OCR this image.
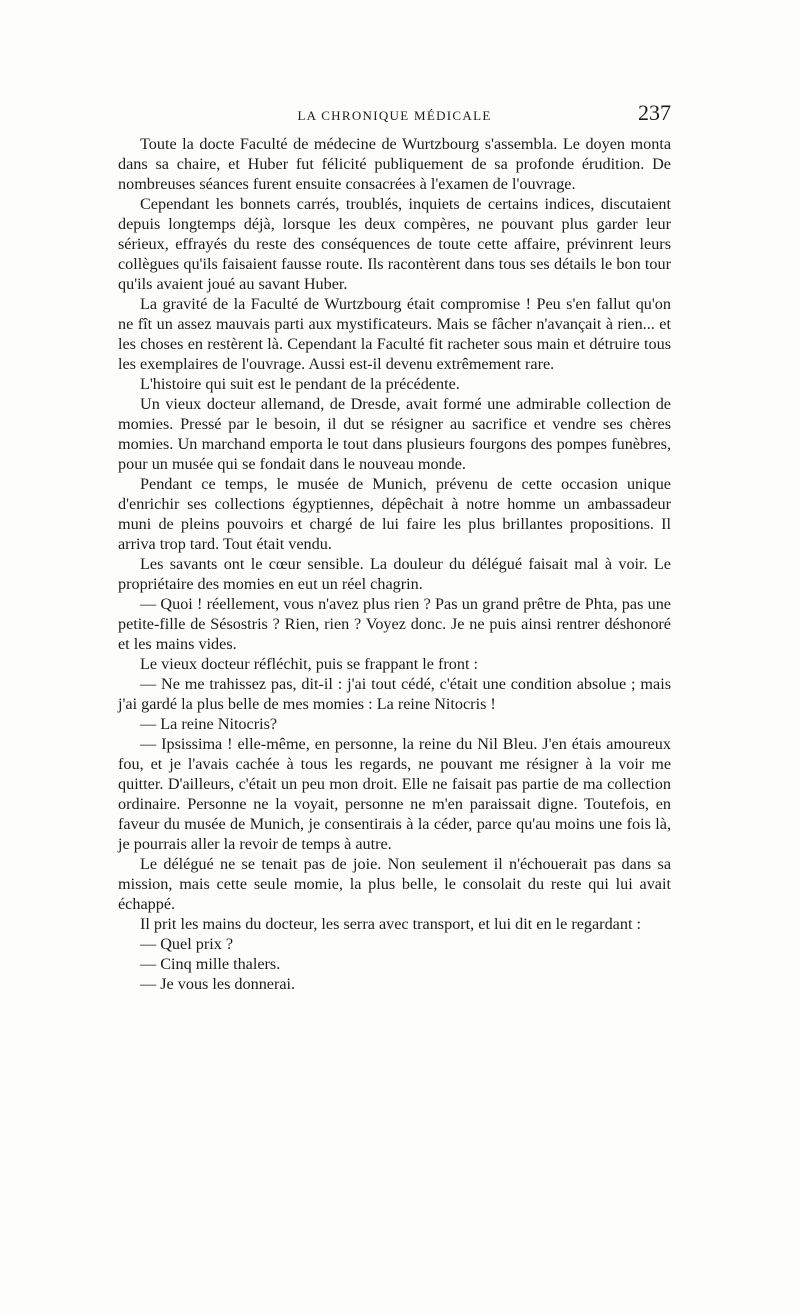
LA CHRONIQUE MÉDICALE	237

Toute la docte Faculté de médecine de Wurtzbourg s'assembla. Le doyen monta dans sa chaire, et Huber fut félicité publiquement de sa profonde érudition. De nombreuses séances furent ensuite consacrées à l'examen de l'ouvrage.

Cependant les bonnets carrés, troublés, inquiets de certains indices, discutaient depuis longtemps déjà, lorsque les deux compères, ne pouvant plus garder leur sérieux, effrayés du reste des conséquences de toute cette affaire, prévinrent leurs collègues qu'ils faisaient fausse route. Ils racontèrent dans tous ses détails le bon tour qu'ils avaient joué au savant Huber.

La gravité de la Faculté de Wurtzbourg était compromise ! Peu s'en fallut qu'on ne fît un assez mauvais parti aux mystificateurs. Mais se fâcher n'avançait à rien... et les choses en restèrent là. Cependant la Faculté fit racheter sous main et détruire tous les exemplaires de l'ouvrage. Aussi est-il devenu extrêmement rare.

L'histoire qui suit est le pendant de la précédente.

Un vieux docteur allemand, de Dresde, avait formé une admirable collection de momies. Pressé par le besoin, il dut se résigner au sacrifice et vendre ses chères momies. Un marchand emporta le tout dans plusieurs fourgons des pompes funèbres, pour un musée qui se fondait dans le nouveau monde.

Pendant ce temps, le musée de Munich, prévenu de cette occasion unique d'enrichir ses collections égyptiennes, dépêchait à notre homme un ambassadeur muni de pleins pouvoirs et chargé de lui faire les plus brillantes propositions. Il arriva trop tard. Tout était vendu.

Les savants ont le cœur sensible. La douleur du délégué faisait mal à voir. Le propriétaire des momies en eut un réel chagrin.

— Quoi ! réellement, vous n'avez plus rien ? Pas un grand prêtre de Phta, pas une petite-fille de Sésostris ? Rien, rien ? Voyez donc. Je ne puis ainsi rentrer déshonoré et les mains vides.

Le vieux docteur réfléchit, puis se frappant le front :

— Ne me trahissez pas, dit-il : j'ai tout cédé, c'était une condition absolue ; mais j'ai gardé la plus belle de mes momies : La reine Nitocris !

— La reine Nitocris?

— Ipsissima ! elle-même, en personne, la reine du Nil Bleu. J'en étais amoureux fou, et je l'avais cachée à tous les regards, ne pouvant me résigner à la voir me quitter. D'ailleurs, c'était un peu mon droit. Elle ne faisait pas partie de ma collection ordinaire. Personne ne la voyait, personne ne m'en paraissait digne. Toutefois, en faveur du musée de Munich, je consentirais à la céder, parce qu'au moins une fois là, je pourrais aller la revoir de temps à autre.

Le délégué ne se tenait pas de joie. Non seulement il n'échouerait pas dans sa mission, mais cette seule momie, la plus belle, le consolait du reste qui lui avait échappé.

Il prit les mains du docteur, les serra avec transport, et lui dit en le regardant :

— Quel prix ?

— Cinq mille thalers.

— Je vous les donnerai.
